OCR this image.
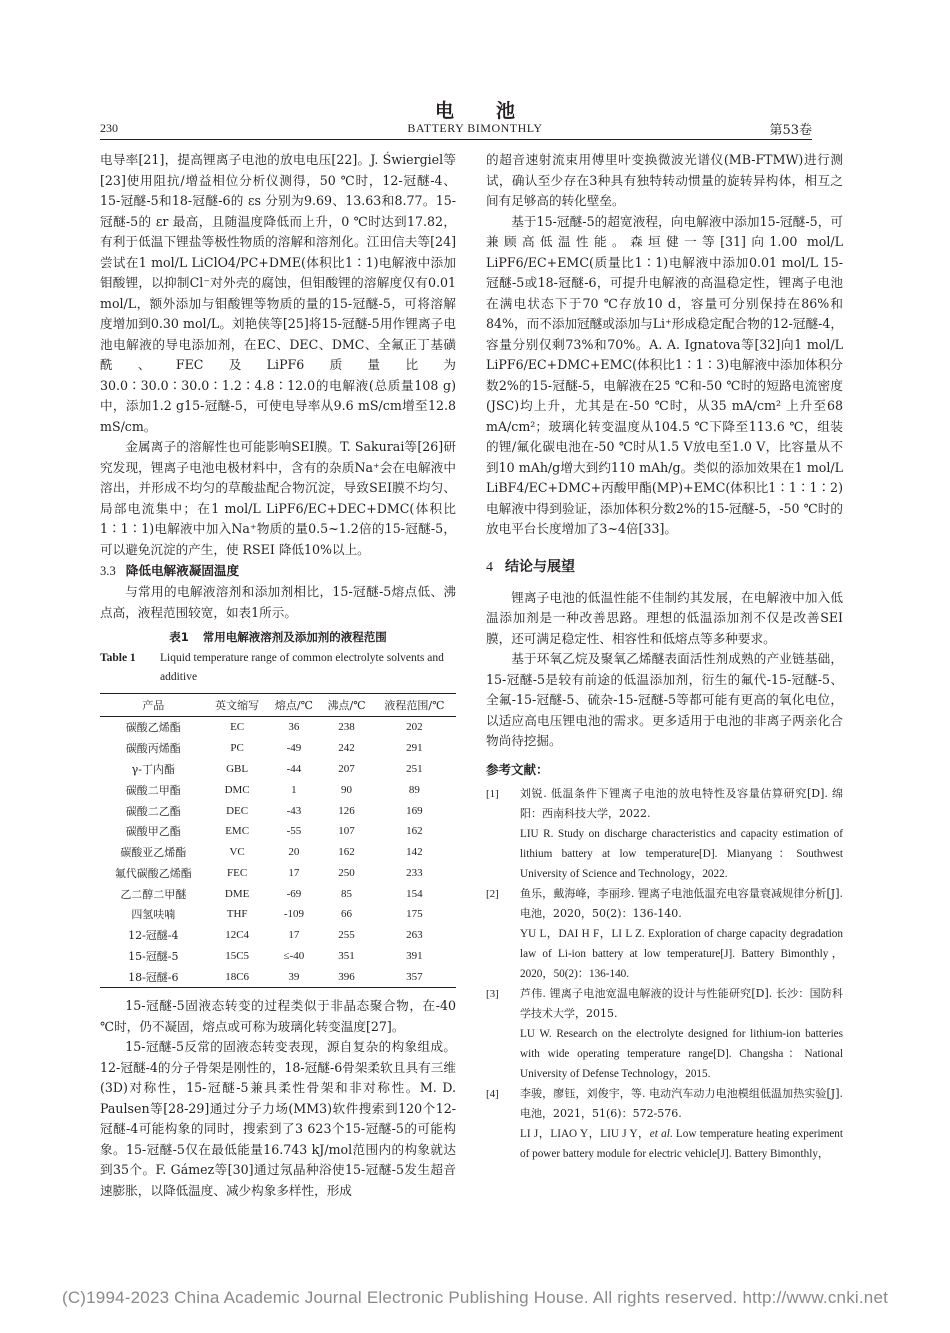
电池
230	BATTERY BIMONTHLY	第53卷

电导率[21]，提高锂离子电池的放电电压[22]。J. Świergiel等[23]使用阻抗/增益相位分析仪测得，50 ℃时，12-冠醚-4、15-冠醚-5和18-冠醚-6的 εs 分别为9.69、13.63和8.77。15-冠醚-5的 εr 最高，且随温度降低而上升，0 ℃时达到17.82，有利于低温下锂盐等极性物质的溶解和溶剂化。江田信夫等[24]尝试在1 mol/L LiClO4/PC+DME(体积比1∶1)电解液中添加钼酸锂，以抑制Cl⁻对外壳的腐蚀，但钼酸锂的溶解度仅有0.01 mol/L，额外添加与钼酸锂等物质的量的15-冠醚-5，可将溶解度增加到0.30 mol/L。刘艳侠等[25]将15-冠醚-5用作锂离子电池电解液的导电添加剂，在EC、DEC、DMC、全氟正丁基磺酰、FEC及LiPF6质量比为30.0∶30.0∶30.0∶1.2∶4.8∶12.0的电解液(总质量108 g)中，添加1.2 g15-冠醚-5，可使电导率从9.6 mS/cm增至12.8 mS/cm。

金属离子的溶解性也可能影响SEI膜。T. Sakurai等[26]研究发现，锂离子电池电极材料中，含有的杂质Na⁺会在电解液中溶出，并形成不均匀的草酸盐配合物沉淀，导致SEI膜不均匀、局部电流集中；在1 mol/L LiPF6/EC+DEC+DMC(体积比1∶1∶1)电解液中加入Na⁺物质的量0.5~1.2倍的15-冠醚-5，可以避免沉淀的产生，使 RSEI 降低10%以上。

3.3 降低电解液凝固温度

与常用的电解液溶剂和添加剂相比，15-冠醚-5熔点低、沸点高，液程范围较宽，如表1所示。

表1 常用电解液溶剂及添加剂的液程范围
Table 1	Liquid temperature range of common electrolyte solvents and additive
产品	英文缩写	熔点/℃	沸点/℃	液程范围/℃
碳酸乙烯酯	EC	36	238	202
碳酸丙烯酯	PC	-49	242	291
γ-丁内酯	GBL	-44	207	251
碳酸二甲酯	DMC	1	90	89
碳酸二乙酯	DEC	-43	126	169
碳酸甲乙酯	EMC	-55	107	162
碳酸亚乙烯酯	VC	20	162	142
氟代碳酸乙烯酯	FEC	17	250	233
乙二醇二甲醚	DME	-69	85	154
四氢呋喃	THF	-109	66	175
12-冠醚-4	12C4	17	255	263
15-冠醚-5	15C5	≤-40	351	391
18-冠醚-6	18C6	39	396	357

15-冠醚-5固液态转变的过程类似于非晶态聚合物，在-40 ℃时，仍不凝固，熔点或可称为玻璃化转变温度[27]。

15-冠醚-5反常的固液态转变表现，源自复杂的构象组成。12-冠醚-4的分子骨架是刚性的，18-冠醚-6骨架柔软且具有三维(3D)对称性，15-冠醚-5兼具柔性骨架和非对称性。M. D. Paulsen等[28-29]通过分子力场(MM3)软件搜索到120个12-冠醚-4可能构象的同时，搜索到了3 623个15-冠醚-5的可能构象。15-冠醚-5仅在最低能量16.743 kJ/mol范围内的构象就达到35个。F. Gámez等[30]通过氖晶种浴使15-冠醚-5发生超音速膨胀，以降低温度、减少构象多样性，形成

的超音速射流束用傅里叶变换微波光谱仪(MB-FTMW)进行测试，确认至少存在3种具有独特转动惯量的旋转异构体，相互之间有足够高的转化壁垒。

基于15-冠醚-5的超宽液程，向电解液中添加15-冠醚-5，可兼顾高低温性能。森垣健一等[31]向1.00 mol/L LiPF6/EC+EMC(质量比1∶1)电解液中添加0.01 mol/L 15-冠醚-5或18-冠醚-6，可提升电解液的高温稳定性，锂离子电池在满电状态下于70 ℃存放10 d，容量可分别保持在86%和84%，而不添加冠醚或添加与Li⁺形成稳定配合物的12-冠醚-4，容量分别仅剩73%和70%。A. A. Ignatova等[32]向1 mol/L LiPF6/EC+DMC+EMC(体积比1∶1∶3)电解液中添加体积分数2%的15-冠醚-5，电解液在25 ℃和-50 ℃时的短路电流密度(JSC)均上升，尤其是在-50 ℃时，从35 mA/cm² 上升至68 mA/cm²；玻璃化转变温度从104.5 ℃下降至113.6 ℃，组装的锂/氟化碳电池在-50 ℃时从1.5 V放电至1.0 V，比容量从不到10 mAh/g增大到约110 mAh/g。类似的添加效果在1 mol/L LiBF4/EC+DMC+丙酸甲酯(MP)+EMC(体积比1∶1∶1∶2)电解液中得到验证，添加体积分数2%的15-冠醚-5，-50 ℃时的放电平台长度增加了3~4倍[33]。

4 结论与展望

锂离子电池的低温性能不佳制约其发展，在电解液中加入低温添加剂是一种改善思路。理想的低温添加剂不仅是改善SEI膜，还可满足稳定性、相容性和低熔点等多种要求。

基于环氧乙烷及聚氧乙烯醚表面活性剂成熟的产业链基础，15-冠醚-5是较有前途的低温添加剂，衍生的氟代-15-冠醚-5、全氟-15-冠醚-5、硫杂-15-冠醚-5等都可能有更高的氧化电位，以适应高电压锂电池的需求。更多适用于电池的非离子两亲化合物尚待挖掘。

参考文献：
[1]	刘锐. 低温条件下锂离子电池的放电特性及容量估算研究[D]. 绵阳：西南科技大学，2022.
LIU R. Study on discharge characteristics and capacity estimation of lithium battery at low temperature[D]. Mianyang：Southwest University of Science and Technology，2022.
[2]	鱼乐，戴海峰，李丽珍. 锂离子电池低温充电容量衰减规律分析[J]. 电池，2020，50(2)：136-140.
YU L，DAI H F，LI L Z. Exploration of charge capacity degradation law of Li-ion battery at low temperature[J]. Battery Bimonthly，2020，50(2)：136-140.
[3]	芦伟. 锂离子电池宽温电解液的设计与性能研究[D]. 长沙：国防科学技术大学，2015.
LU W. Research on the electrolyte designed for lithium-ion batteries with wide operating temperature range[D]. Changsha：National University of Defense Technology，2015.
[4]	李骏，廖钰，刘俊宇，等. 电动汽车动力电池模组低温加热实验[J]. 电池，2021，51(6)：572-576.
LI J，LIAO Y，LIU J Y，et al. Low temperature heating experiment of power battery module for electric vehicle[J]. Battery Bimonthly，
(C)1994-2023 China Academic Journal Electronic Publishing House. All rights reserved. http://www.cnki.net
